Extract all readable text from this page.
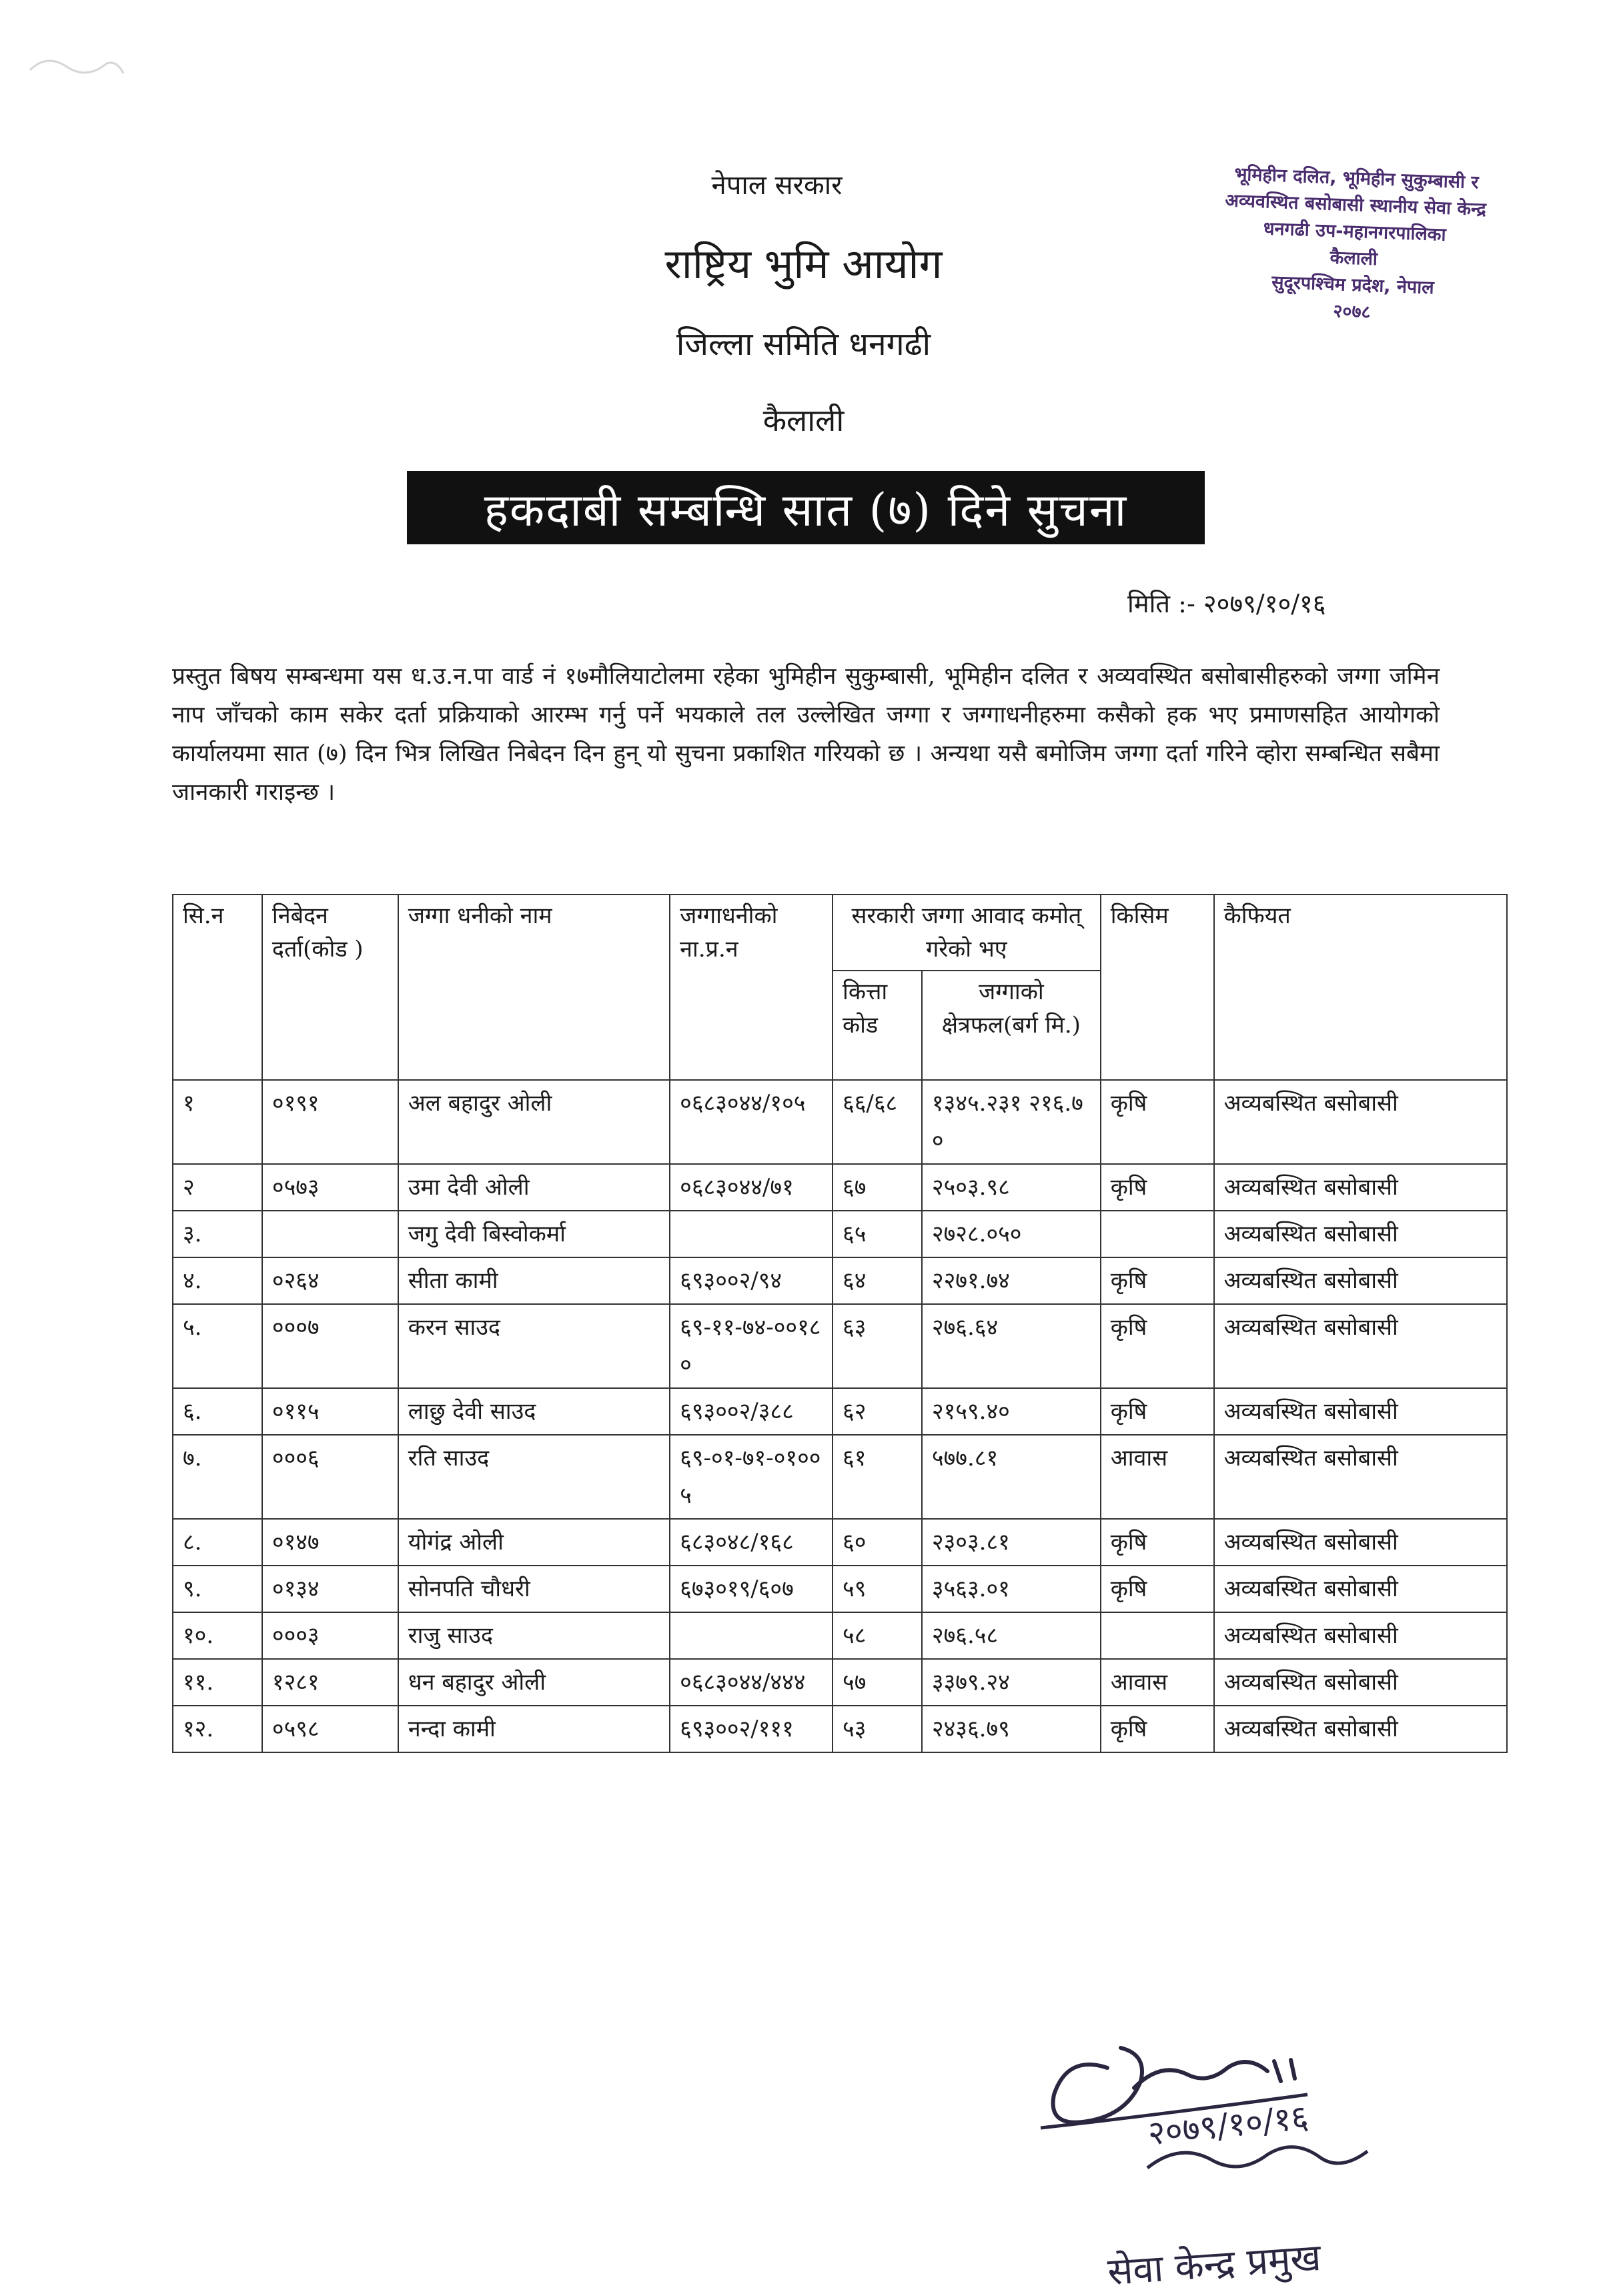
नेपाल सरकार
राष्ट्रिय भुमि आयोग
जिल्ला समिति धनगढी
कैलाली
भूमिहीन दलित, भूमिहीन सुकुम्बासी र
अव्यवस्थित बसोबासी स्थानीय सेवा केन्द्र
धनगढी उप-महानगरपालिका
कैलाली
सुदूरपश्चिम प्रदेश, नेपाल
२०७८
हकदाबी सम्बन्धि सात (७) दिने सुचना
मिति :- २०७९/१०/१६
प्रस्तुत बिषय सम्बन्धमा यस ध.उ.न.पा वार्ड नं १७मौलियाटोलमा रहेका भुमिहीन सुकुम्बासी, भूमिहीन दलित र अव्यवस्थित बसोबासीहरुको जग्गा जमिन नाप जाँचको काम सकेर दर्ता प्रक्रियाको आरम्भ गर्नु पर्ने भयकाले तल उल्लेखित जग्गा र जग्गाधनीहरुमा कसैको हक भए प्रमाणसहित आयोगको कार्यालयमा सात (७) दिन भित्र लिखित निबेदन दिन हुन् यो सुचना प्रकाशित गरियको छ । अन्यथा यसै बमोजिम जग्गा दर्ता गरिने व्होरा सम्बन्धित सबैमा जानकारी गराइन्छ ।
सि.न	निबेदन दर्ता(कोड )	जग्गा धनीको नाम	जग्गाधनीको ना.प्र.न	सरकारी जग्गा आवाद कमोत् गरेको भए		किसिम	कैफियत
				कित्ता कोड	जग्गाको क्षेत्रफल(बर्ग मि.)		
१	०१९१	अल बहादुर ओली	०६८३०४४/१०५	६६/६८	१३४५.२३१ २१६.७०	कृषि	अव्यबस्थित बसोबासी
२	०५७३	उमा देवी ओली	०६८३०४४/७१	६७	२५०३.९८	कृषि	अव्यबस्थित बसोबासी
३.		जगु देवी बिस्वोकर्मा		६५	२७२८.०५०		अव्यबस्थित बसोबासी
४.	०२६४	सीता कामी	६९३००२/९४	६४	२२७१.७४	कृषि	अव्यबस्थित बसोबासी
५.	०००७	करन साउद	६९-११-७४-००१८०	६३	२७६.६४	कृषि	अव्यबस्थित बसोबासी
६.	०११५	लाछु देवी साउद	६९३००२/३८८	६२	२१५९.४०	कृषि	अव्यबस्थित बसोबासी
७.	०००६	रति साउद	६९-०१-७१-०१००५	६१	५७७.८१	आवास	अव्यबस्थित बसोबासी
८.	०१४७	योगंद्र ओली	६८३०४८/१६८	६०	२३०३.८१	कृषि	अव्यबस्थित बसोबासी
९.	०१३४	सोनपति चौधरी	६७३०१९/६०७	५९	३५६३.०१	कृषि	अव्यबस्थित बसोबासी
१०.	०००३	राजु साउद		५८	२७६.५८		अव्यबस्थित बसोबासी
११.	१२८१	धन बहादुर ओली	०६८३०४४/४४४	५७	३३७९.२४	आवास	अव्यबस्थित बसोबासी
१२.	०५९८	नन्दा कामी	६९३००२/१११	५३	२४३६.७९	कृषि	अव्यबस्थित बसोबासी
२०७९/१०/१६
सेवा केन्द्र प्रमुख
